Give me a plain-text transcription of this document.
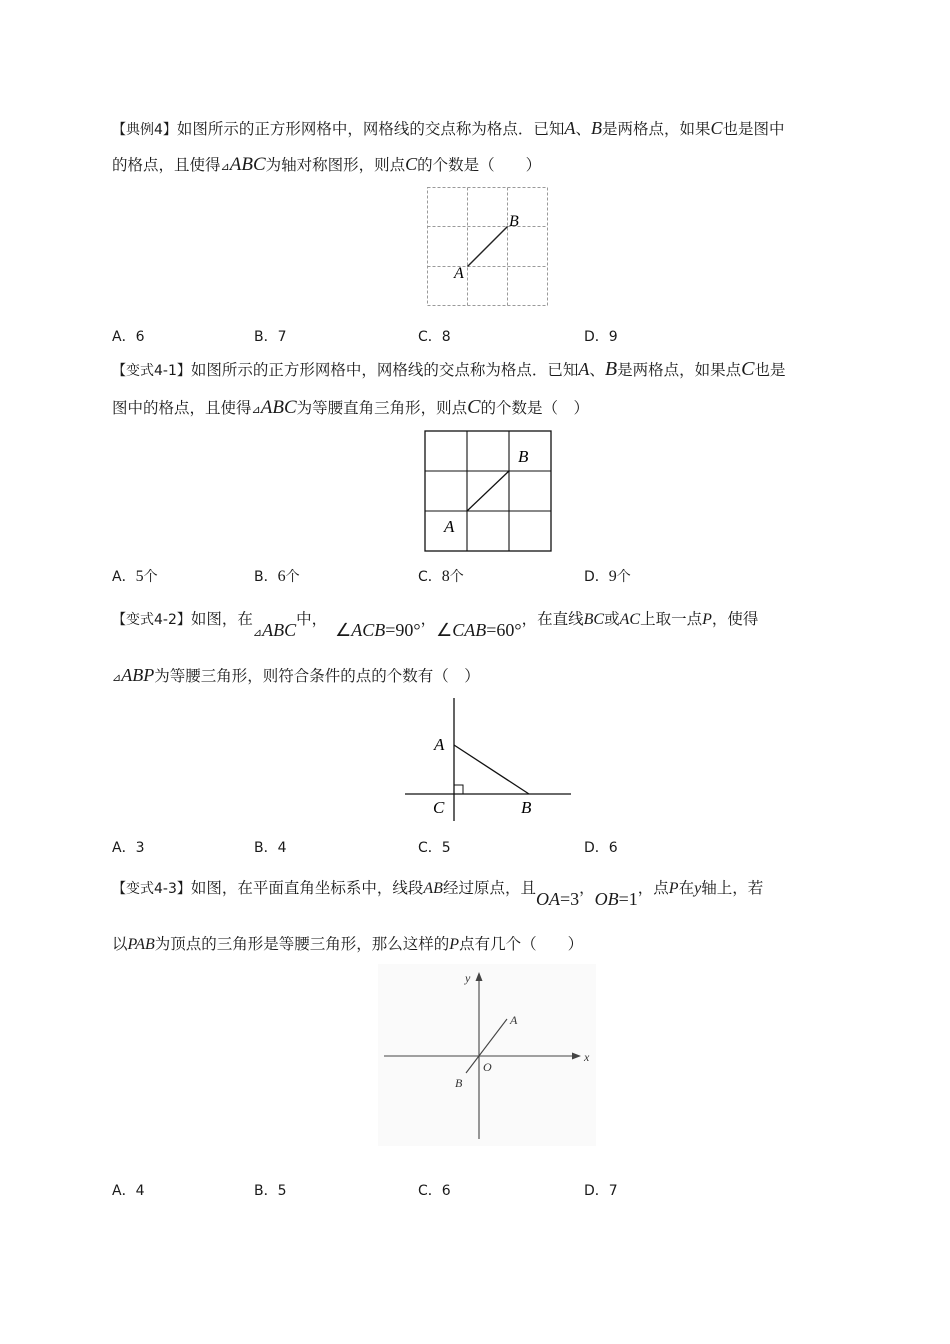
【典例4】如图所示的正方形网格中，网格线的交点称为格点．已知A、B是两格点，如果C也是图中
的格点，且使得⊿ABC为轴对称图形，则点C的个数是（　　）
A
B
A．6	B．7	C．8	D．9
【变式4-1】如图所示的正方形网格中，网格线的交点称为格点．已知A、B是两格点，如果点C也是
图中的格点，且使得⊿ABC为等腰直角三角形，则点C的个数是（　）
A
B
A．5个	B．6个	C．8个	D．9个
【变式4-2】如图，在⊿ABC中，∠ACB=90°，∠CAB=60°，在直线BC或AC上取一点P，使得
⊿ABP为等腰三角形，则符合条件的点的个数有（　）
A
C	B
A．3	B．4	C．5	D．6
【变式4-3】如图，在平面直角坐标系中，线段AB经过原点，且OA=3，OB=1，点P在y轴上，若
以PAB为顶点的三角形是等腰三角形，那么这样的P点有几个（　　）
y
x
O
A
B
A．4	B．5	C．6	D．7
